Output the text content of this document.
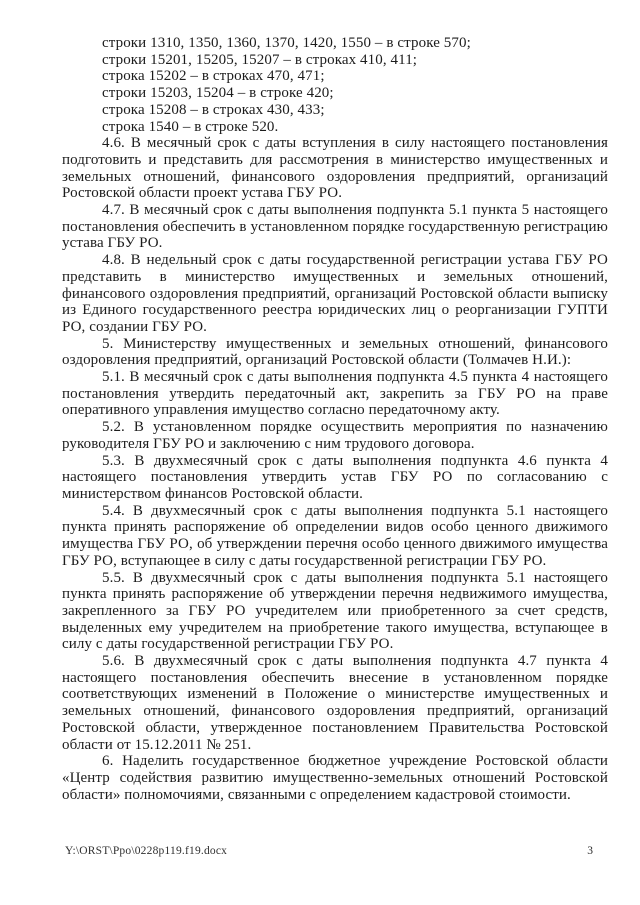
строки 1310, 1350, 1360, 1370, 1420, 1550 – в строке 570;
строки 15201, 15205, 15207 – в строках 410, 411;
строка 15202 – в строках 470, 471;
строки 15203, 15204 – в строке 420;
строка 15208 – в строках 430, 433;
строка 1540 – в строке 520.

4.6. В месячный срок с даты вступления в силу настоящего постановления подготовить и представить для рассмотрения в министерство имущественных и земельных отношений, финансового оздоровления предприятий, организаций Ростовской области проект устава ГБУ РО.

4.7. В месячный срок с даты выполнения подпункта 5.1 пункта 5 настоящего постановления обеспечить в установленном порядке государственную регистрацию устава ГБУ РО.

4.8. В недельный срок с даты государственной регистрации устава ГБУ РО представить в министерство имущественных и земельных отношений, финансового оздоровления предприятий, организаций Ростовской области выписку из Единого государственного реестра юридических лиц о реорганизации ГУПТИ РО, создании ГБУ РО.

5. Министерству имущественных и земельных отношений, финансового оздоровления предприятий, организаций Ростовской области (Толмачев Н.И.):

5.1. В месячный срок с даты выполнения подпункта 4.5 пункта 4 настоящего постановления утвердить передаточный акт, закрепить за ГБУ РО на праве оперативного управления имущество согласно передаточному акту.

5.2. В установленном порядке осуществить мероприятия по назначению руководителя ГБУ РО и заключению с ним трудового договора.

5.3. В двухмесячный срок с даты выполнения подпункта 4.6 пункта 4 настоящего постановления утвердить устав ГБУ РО по согласованию с министерством финансов Ростовской области.

5.4. В двухмесячный срок с даты выполнения подпункта 5.1 настоящего пункта принять распоряжение об определении видов особо ценного движимого имущества ГБУ РО, об утверждении перечня особо ценного движимого имущества ГБУ РО, вступающее в силу с даты государственной регистрации ГБУ РО.

5.5. В двухмесячный срок с даты выполнения подпункта 5.1 настоящего пункта принять распоряжение об утверждении перечня недвижимого имущества, закрепленного за ГБУ РО учредителем или приобретенного за счет средств, выделенных ему учредителем на приобретение такого имущества, вступающее в силу с даты государственной регистрации ГБУ РО.

5.6. В двухмесячный срок с даты выполнения подпункта 4.7 пункта 4 настоящего постановления обеспечить внесение в установленном порядке соответствующих изменений в Положение о министерстве имущественных и земельных отношений, финансового оздоровления предприятий, организаций Ростовской области, утвержденное постановлением Правительства Ростовской области от 15.12.2011 № 251.

6. Наделить государственное бюджетное учреждение Ростовской области «Центр содействия развитию имущественно-земельных отношений Ростовской области» полномочиями, связанными с определением кадастровой стоимости.

Y:\ORST\Ppo\0228p119.f19.docx	3
